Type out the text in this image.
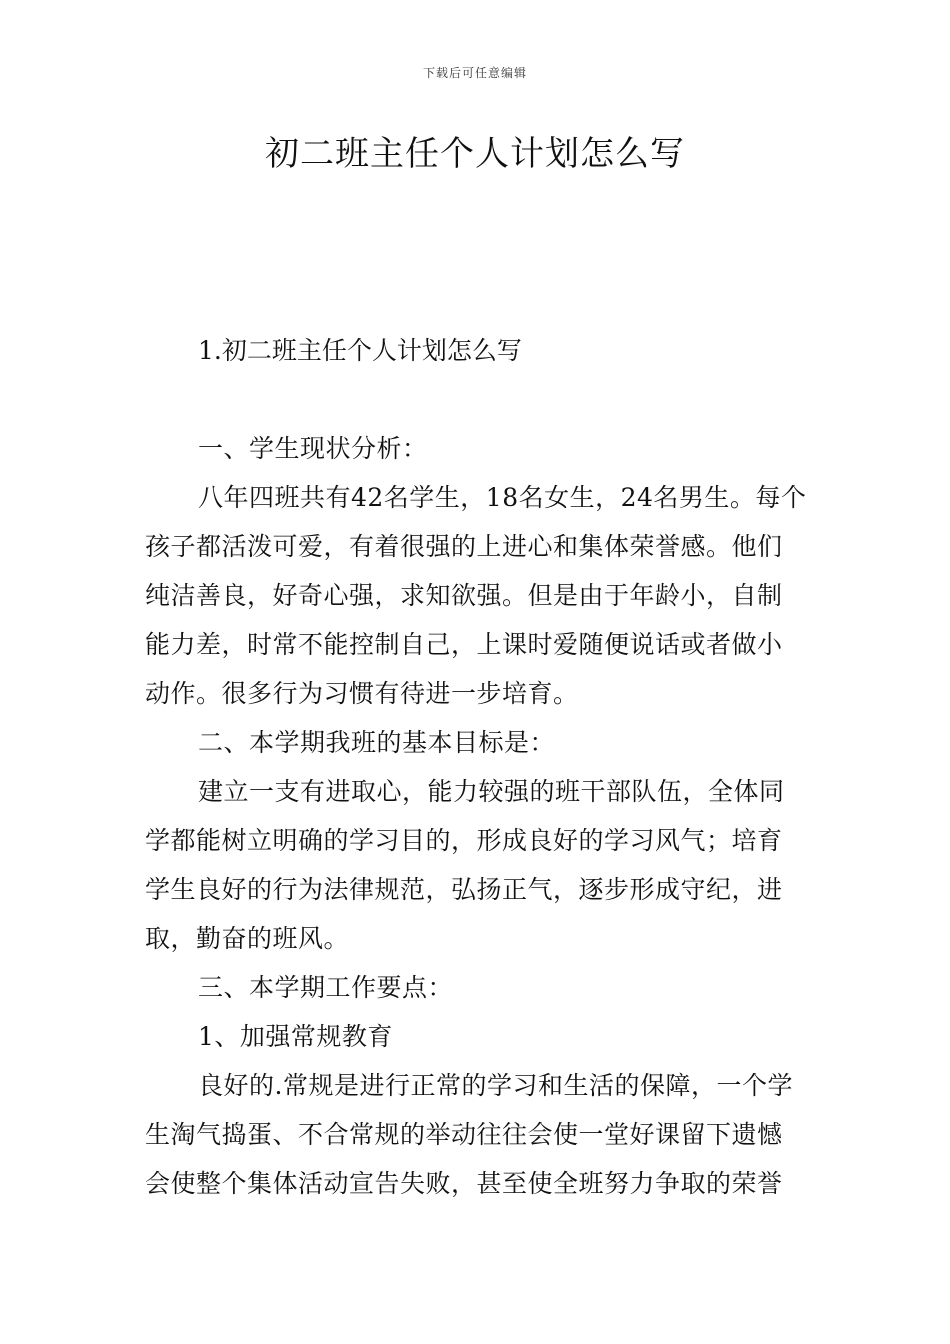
下载后可任意编辑
初二班主任个人计划怎么写
1.初二班主任个人计划怎么写
一、学生现状分析：
八年四班共有42名学生，18名女生，24名男生。每个
孩子都活泼可爱，有着很强的上进心和集体荣誉感。他们
纯洁善良，好奇心强，求知欲强。但是由于年龄小，自制
能力差，时常不能控制自己，上课时爱随便说话或者做小
动作。很多行为习惯有待进一步培育。
二、本学期我班的基本目标是：
建立一支有进取心，能力较强的班干部队伍，全体同
学都能树立明确的学习目的，形成良好的学习风气；培育
学生良好的行为法律规范，弘扬正气，逐步形成守纪，进
取，勤奋的班风。
三、本学期工作要点：
1、加强常规教育
良好的.常规是进行正常的学习和生活的保障，一个学
生淘气捣蛋、不合常规的举动往往会使一堂好课留下遗憾
会使整个集体活动宣告失败，甚至使全班努力争取的荣誉
